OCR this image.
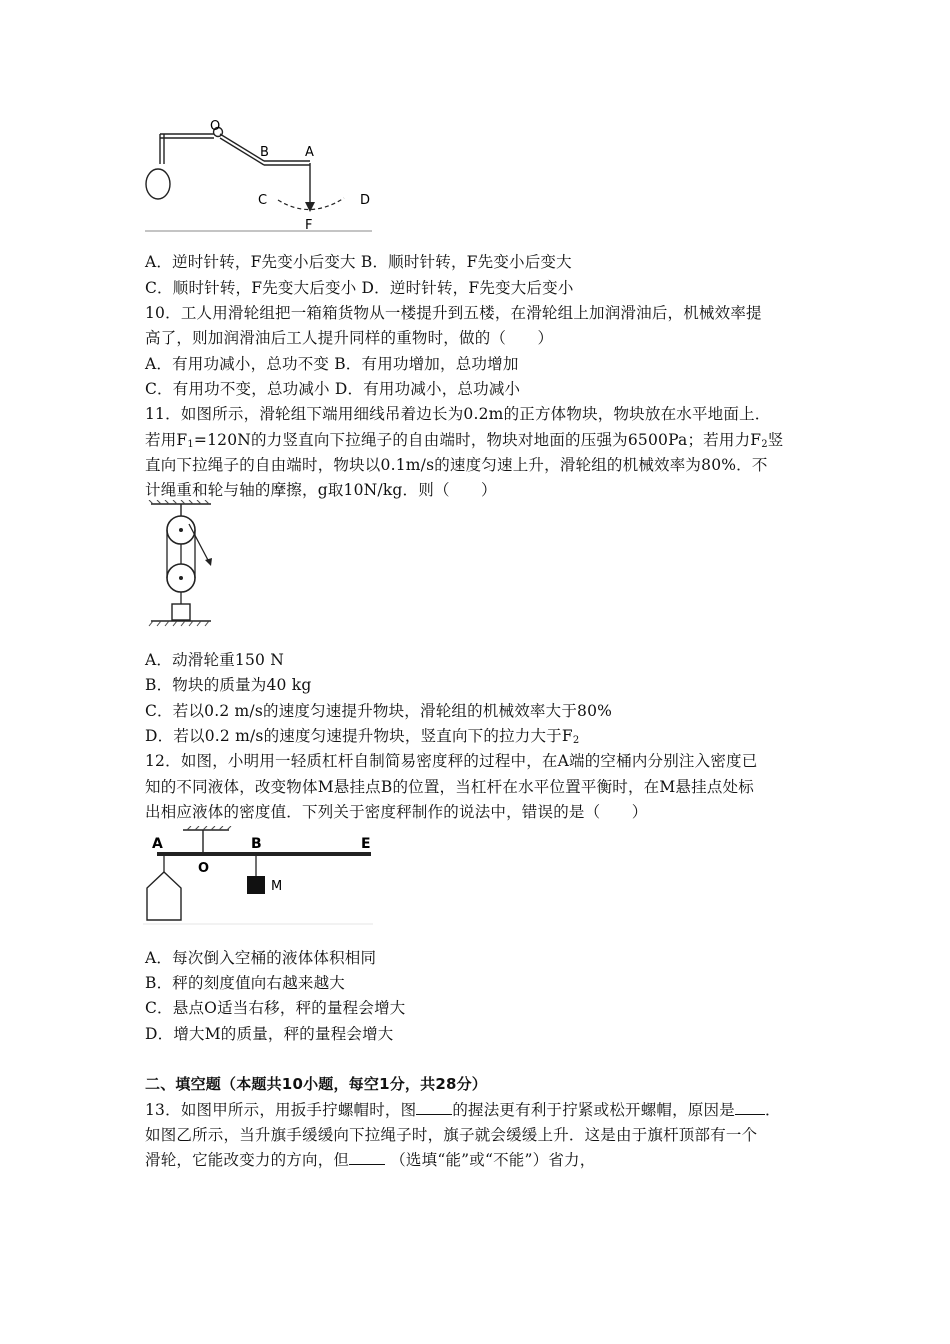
O
B	A
C	D
F
A．逆时针转，F先变小后变大 B．顺时针转，F先变小后变大
C．顺时针转，F先变大后变小 D．逆时针转，F先变大后变小
10．工人用滑轮组把一箱箱货物从一楼提升到五楼，在滑轮组上加润滑油后，机械效率提
高了，则加润滑油后工人提升同样的重物时，做的（　　）
A．有用功减小，总功不变 B．有用功增加，总功增加
C．有用功不变，总功减小 D．有用功减小，总功减小
11．如图所示，滑轮组下端用细线吊着边长为0.2m的正方体物块，物块放在水平地面上．
若用$F_1=120N$的力竖直向下拉绳子的自由端时，物块对地面的压强为6500Pa；若用力$F_2$竖
直向下拉绳子的自由端时，物块以0.1m/s的速度匀速上升，滑轮组的机械效率为80%．不
计绳重和轮与轴的摩擦，g取10N/kg．则（　　）
A．动滑轮重150 N
B．物块的质量为40 kg
C．若以0.2 m/s的速度匀速提升物块，滑轮组的机械效率大于80%
D．若以0.2 m/s的速度匀速提升物块，竖直向下的拉力大于$F_2$
12．如图，小明用一轻质杠杆自制简易密度秤的过程中，在A端的空桶内分别注入密度已
知的不同液体，改变物体M悬挂点B的位置，当杠杆在水平位置平衡时，在M悬挂点处标
出相应液体的密度值．下列关于密度秤制作的说法中，错误的是（　　）
A
O
B	E
M
A．每次倒入空桶的液体体积相同
B．秤的刻度值向右越来越大
C．悬点O适当右移，秤的量程会增大
D．增大M的质量，秤的量程会增大
二、填空题（本题共10小题，每空1分，共28分）
13．如图甲所示，用扳手拧螺帽时，图 的握法更有利于拧紧或松开螺帽，原因是 ．
如图乙所示，当升旗手缓缓向下拉绳子时，旗子就会缓缓上升．这是由于旗杆顶部有一个
滑轮，它能改变力的方向，但 （选填“能”或“不能”）省力，
